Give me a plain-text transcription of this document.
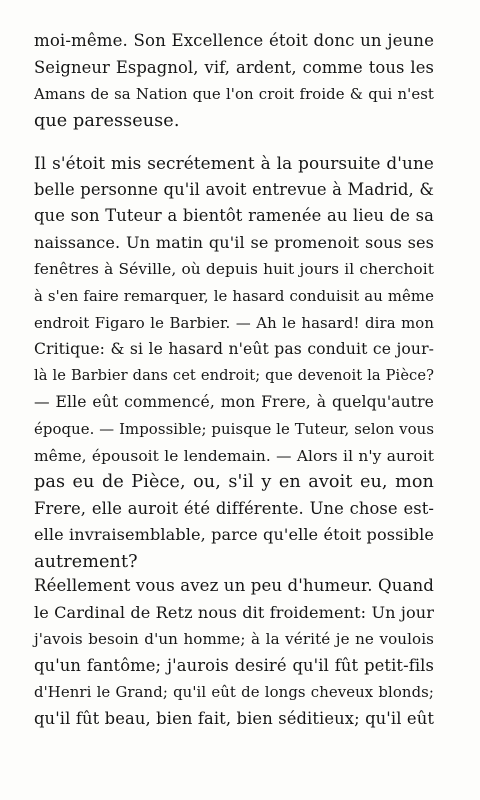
moi-même. Son Excellence étoit donc un jeune
Seigneur Espagnol, vif, ardent, comme tous les
Amans de sa Nation que l'on croit froide & qui n'est
que paresseuse.
Il s'étoit mis secrétement à la poursuite d'une
belle personne qu'il avoit entrevue à Madrid, &
que son Tuteur a bientôt ramenée au lieu de sa
naissance. Un matin qu'il se promenoit sous ses
fenêtres à Séville, où depuis huit jours il cherchoit
à s'en faire remarquer, le hasard conduisit au même
endroit Figaro le Barbier. — Ah le hasard! dira mon
Critique: & si le hasard n'eût pas conduit ce jour-
là le Barbier dans cet endroit; que devenoit la Pièce?
— Elle eût commencé, mon Frere, à quelqu'autre
époque. — Impossible; puisque le Tuteur, selon vous
même, épousoit le lendemain. — Alors il n'y auroit
pas eu de Pièce, ou, s'il y en avoit eu, mon
Frere, elle auroit été différente. Une chose est-
elle invraisemblable, parce qu'elle étoit possible
autrement?
Réellement vous avez un peu d'humeur. Quand
le Cardinal de Retz nous dit froidement: Un jour
j'avois besoin d'un homme; à la vérité je ne voulois
qu'un fantôme; j'aurois desiré qu'il fût petit-fils
d'Henri le Grand; qu'il eût de longs cheveux blonds;
qu'il fût beau, bien fait, bien séditieux; qu'il eût
